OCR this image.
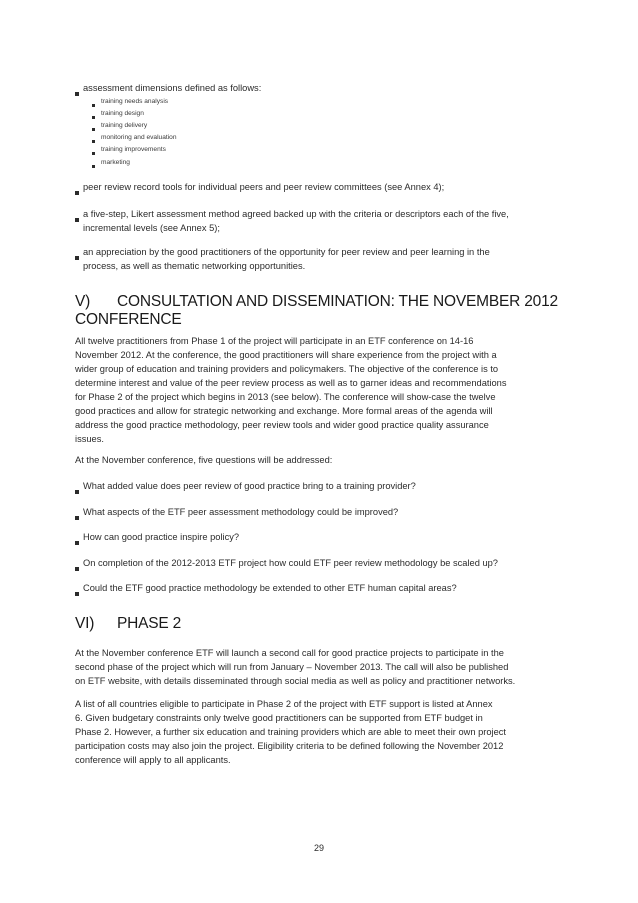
assessment dimensions defined as follows:
training needs analysis
training design
training delivery
monitoring and evaluation
training improvements
marketing
peer review record tools for individual peers and peer review committees (see Annex 4);
a five-step, Likert assessment method agreed backed up with the criteria or descriptors each of the five,
incremental levels (see Annex 5);
an appreciation by the good practitioners of the opportunity for peer review and peer learning in the
process, as well as thematic networking opportunities.
V) CONSULTATION AND DISSEMINATION: THE NOVEMBER 2012
CONFERENCE
All twelve practitioners from Phase 1 of the project will participate in an ETF conference on 14-16
November 2012. At the conference, the good practitioners will share experience from the project with a
wider group of education and training providers and policymakers. The objective of the conference is to
determine interest and value of the peer review process as well as to garner ideas and recommendations
for Phase 2 of the project which begins in 2013 (see below). The conference will show-case the twelve
good practices and allow for strategic networking and exchange. More formal areas of the agenda will
address the good practice methodology, peer review tools and wider good practice quality assurance
issues.
At the November conference, five questions will be addressed:
What added value does peer review of good practice bring to a training provider?
What aspects of the ETF peer assessment methodology could be improved?
How can good practice inspire policy?
On completion of the 2012-2013 ETF project how could ETF peer review methodology be scaled up?
Could the ETF good practice methodology be extended to other ETF human capital areas?
VI) PHASE 2
At the November conference ETF will launch a second call for good practice projects to participate in the
second phase of the project which will run from January – November 2013. The call will also be published
on ETF website, with details disseminated through social media as well as policy and practitioner networks.
A list of all countries eligible to participate in Phase 2 of the project with ETF support is listed at Annex
6. Given budgetary constraints only twelve good practitioners can be supported from ETF budget in
Phase 2. However, a further six education and training providers which are able to meet their own project
participation costs may also join the project. Eligibility criteria to be defined following the November 2012
conference will apply to all applicants.
29
